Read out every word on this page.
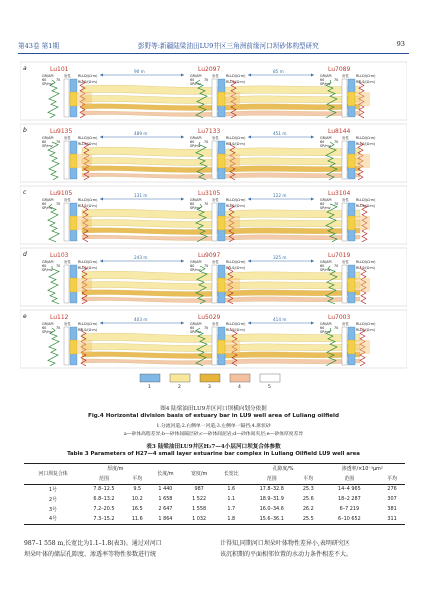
第43卷 第1期	彭野等:新疆陆梁油田LU9井区三角洲前缘河口坝砂体构型研究	93
a	Lu101
GR/API
60	70
SP/mv
RLLD/(Ω·m)
RLLS/(Ω·m)
岩性
Lu2097
GR/API
60	70
SP/mv
RLLD/(Ω·m)
RLLS/(Ω·m)
岩性
Lu7089
GR/API
60	70
SP/mv
RLLD/(Ω·m)
RLLS/(Ω·m)
岩性
90 m	85 m
b	Lu9135
GR/API
60	70
SP/mv
RLLD/(Ω·m)
RLLS/(Ω·m)
岩性
Lu7133
GR/API
60	70
SP/mv
RLLD/(Ω·m)
RLLS/(Ω·m)
岩性
Lu8144
GR/API
60	70
SP/mv
RLLD/(Ω·m)
RLLS/(Ω·m)
岩性
489 m	451 m
c	Lu9105
GR/API
60	70
SP/mv
RLLD/(Ω·m)
RLLS/(Ω·m)
岩性
Lu3105
GR/API
60	70
SP/mv
RLLD/(Ω·m)
RLLS/(Ω·m)
岩性
Lu3104
GR/API
60	70
SP/mv
RLLD/(Ω·m)
RLLS/(Ω·m)
岩性
131 m	122 m
d	Lu103
GR/API
60	70
SP/mv
RLLD/(Ω·m)
RLLS/(Ω·m)
岩性
Lu9097
GR/API
60	70
SP/mv
RLLD/(Ω·m)
RLLS/(Ω·m)
岩性
Lu7019
GR/API
60	70
SP/mv
RLLD/(Ω·m)
RLLS/(Ω·m)
岩性
243 m	325 m
e	Lu112
GR/API
60	70
SP/mv
RLLD/(Ω·m)
RLLS/(Ω·m)
岩性
Lu5029
GR/API
60	70
SP/mv
RLLD/(Ω·m)
RLLS/(Ω·m)
岩性
Lu7003
GR/API
60	70
SP/mv
RLLD/(Ω·m)
RLLS/(Ω·m)
岩性
403 m	414 m
1	2	3	4	5
图4 陆梁油田LU9井区河口坝横向划分依据
Fig.4 Horizontal division basis of estuary bar in LU9 well area of Luliang oilfield
1.分流河道;2.右侧单一河道;3.左侧单一隔挡;4.席状砂
a—砂体高程差异;b—砂体间隔层砂;c—砂体间泥岩;d—砂体间夹层;e—砂体厚度差异
表3 陆梁油田LU9井区H₂7—4小层河口坝复合体参数
Table 3 Parameters of H27—4 small layer estuarine bar complex in Luliang Oilfield LU9 well area
河口坝复合体	厚度/m		长度/m	宽度/m	长宽比	孔隙度/%		渗透率/×10⁻³μm²	
	范围	平均				范围	平均	范围	平均
1号	7.8–12.5	9.5	1 440	987	1.6	17.8–32.8	25.3	14–4 965	276
2号	6.8–13.2	10.2	1 658	1 522	1.1	18.9–31.9	25.6	18–2 287	307
3号	7.2–20.5	16.5	2 647	1 558	1.7	16.0–34.6	26.2	6–7 219	381
4号	7.3–15.2	11.6	1 864	1 032	1.8	15.6–36.1	25.5	6–10 652	311
987–1 558 m,长宽比为1.1–1.8(表3)。通过对河口
坝朵叶体的储层孔隙度、渗透率等物性参数进行统
计得知,同期河口坝朵叶体物性差异小,表明研究区
该沉积期的平面相邻位置的水动力条件相差不大。
